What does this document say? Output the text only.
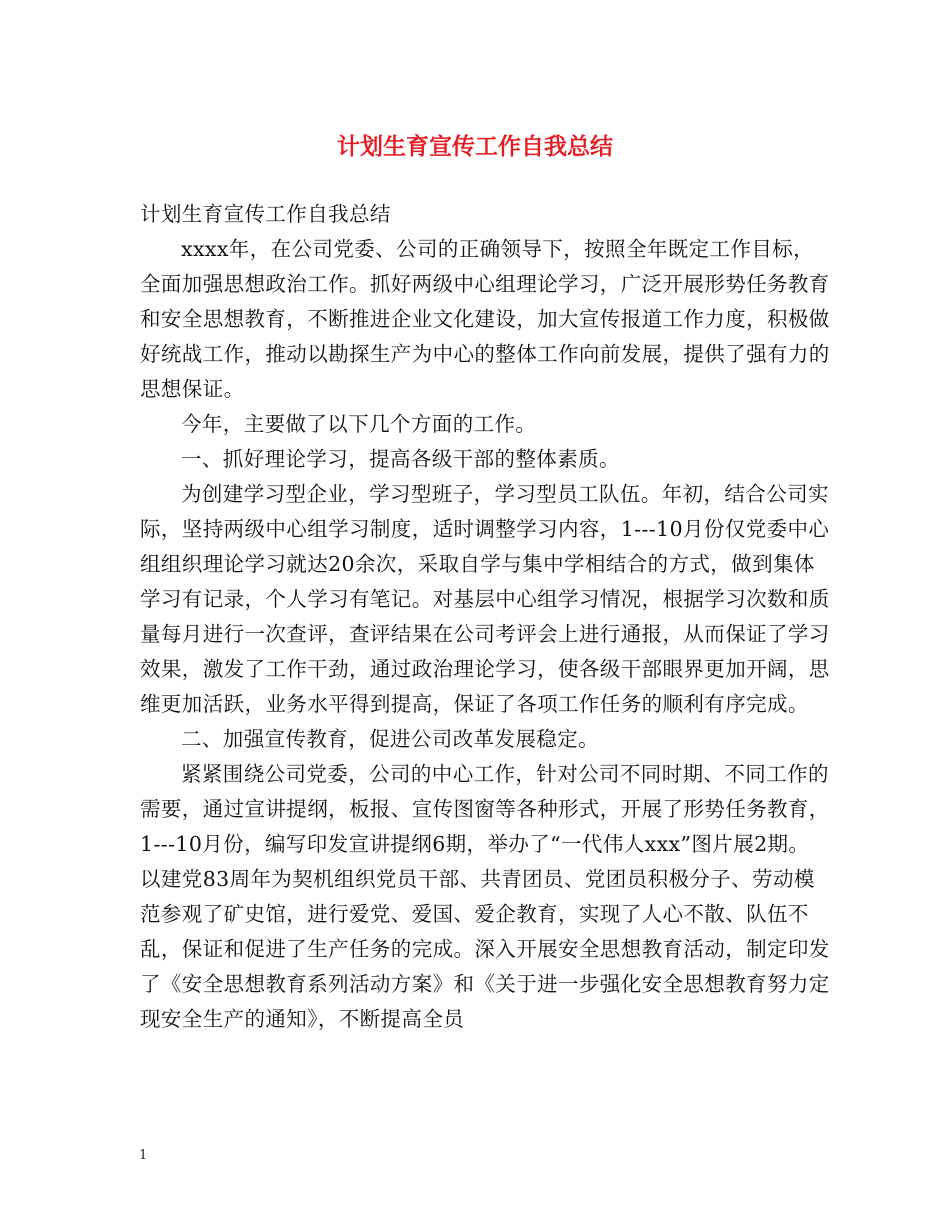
计划生育宣传工作自我总结

计划生育宣传工作自我总结

xxxx年，在公司党委、公司的正确领导下，按照全年既定工作目标，全面加强思想政治工作。抓好两级中心组理论学习，广泛开展形势任务教育和安全思想教育，不断推进企业文化建设，加大宣传报道工作力度，积极做好统战工作，推动以勘探生产为中心的整体工作向前发展，提供了强有力的思想保证。

今年，主要做了以下几个方面的工作。

一、抓好理论学习，提高各级干部的整体素质。

为创建学习型企业，学习型班子，学习型员工队伍。年初，结合公司实际，坚持两级中心组学习制度，适时调整学习内容，1---10月份仅党委中心组组织理论学习就达20余次，采取自学与集中学相结合的方式，做到集体学习有记录，个人学习有笔记。对基层中心组学习情况，根据学习次数和质量每月进行一次查评，查评结果在公司考评会上进行通报，从而保证了学习效果，激发了工作干劲，通过政治理论学习，使各级干部眼界更加开阔，思维更加活跃，业务水平得到提高，保证了各项工作任务的顺利有序完成。

二、加强宣传教育，促进公司改革发展稳定。

紧紧围绕公司党委，公司的中心工作，针对公司不同时期、不同工作的需要，通过宣讲提纲，板报、宣传图窗等各种形式，开展了形势任务教育，1---10月份，编写印发宣讲提纲6期，举办了“一代伟人xxx”图片展2期。以建党83周年为契机组织党员干部、共青团员、党团员积极分子、劳动模范参观了矿史馆，进行爱党、爱国、爱企教育，实现了人心不散、队伍不乱，保证和促进了生产任务的完成。深入开展安全思想教育活动，制定印发了《安全思想教育系列活动方案》和《关于进一步强化安全思想教育努力定现安全生产的通知》，不断提高全员

1
